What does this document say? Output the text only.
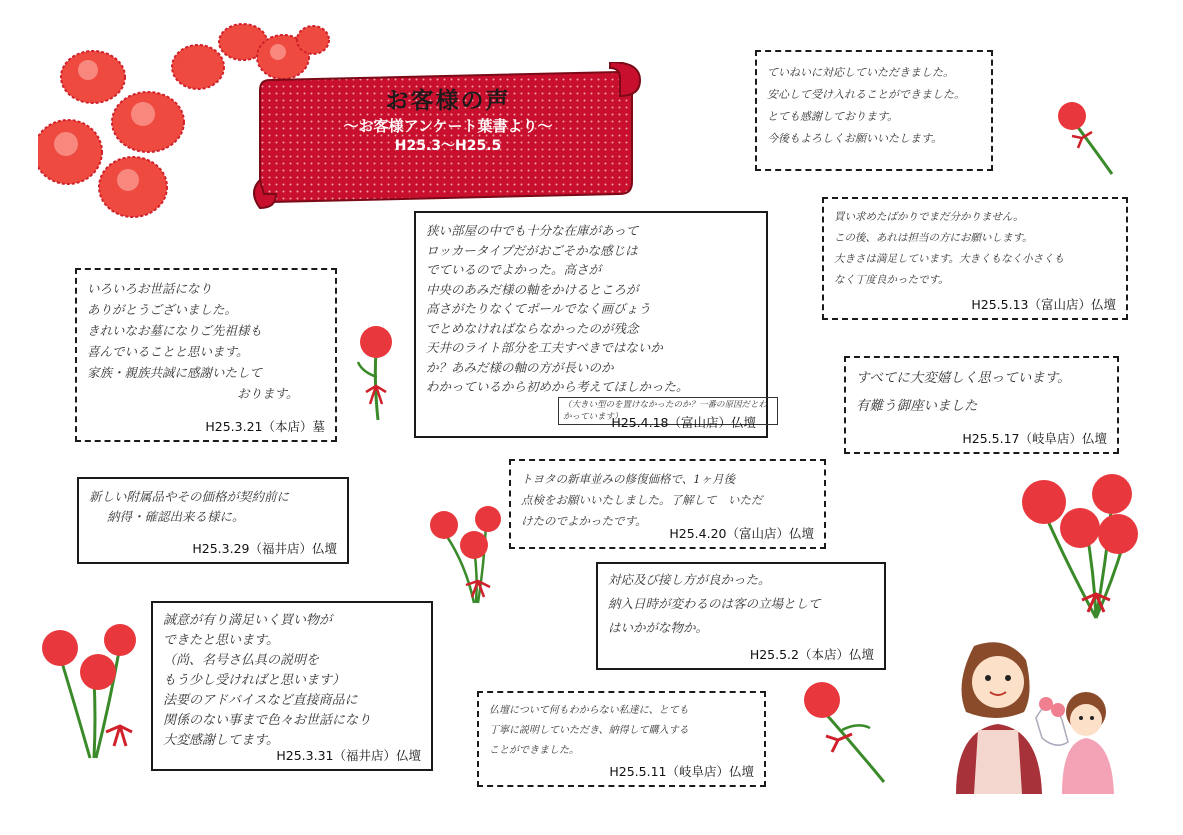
お客様の声
～お客様アンケート葉書より～
H25.3～H25.5
いろいろお世話になり
ありがとうございました。
きれいなお墓になりご先祖様も
喜んでいることと思います。
家族・親族共誠に感謝いたして
おります。
H25.3.21（本店）墓
狭い部屋の中でも十分な在庫があって
ロッカータイプだがおごそかな感じは
でているのでよかった。高さが
中央のあみだ様の軸をかけるところが
高さがたりなくてポールでなく画びょう
でとめなければならなかったのが残念
天井のライト部分を工夫すべきではないか
か？あみだ様の軸の方が長いのか
わかっているから初めから考えてほしかった。
（大きい型のを置けなかったのか？一番の原因だとわかっています）
H25.4.18（富山店）仏壇
新しい附属品やその価格が契約前に
納得・確認出来る様に。
H25.3.29（福井店）仏壇
誠意が有り満足いく買い物が
できたと思います。
（尚、名号さ仏具の説明を
もう少し受ければと思います）
法要のアドバイスなど直接商品に
関係のない事まで色々お世話になり
大変感謝してます。
H25.3.31（福井店）仏壇
ていねいに対応していただきました。
安心して受け入れることができました。
とても感謝しております。
今後もよろしくお願いいたします。
買い求めたばかりでまだ分かりません。
この後、あれは担当の方にお願いします。
大きさは満足しています。大きくもなく小さくも
なく丁度良かったです。
H25.5.13（富山店）仏壇
すべてに大変嬉しく思っています。
有難う御座いました
H25.5.17（岐阜店）仏壇
トヨタの新車並みの修復価格で、1ヶ月後
点検をお願いいたしました。了解して　いただ
けたのでよかったです。
H25.4.20（富山店）仏壇
対応及び接し方が良かった。
納入日時が変わるのは客の立場として
はいかがな物か。
H25.5.2（本店）仏壇
仏壇について何もわからない私達に、とても
丁寧に説明していただき、納得して購入する
ことができました。
H25.5.11（岐阜店）仏壇
